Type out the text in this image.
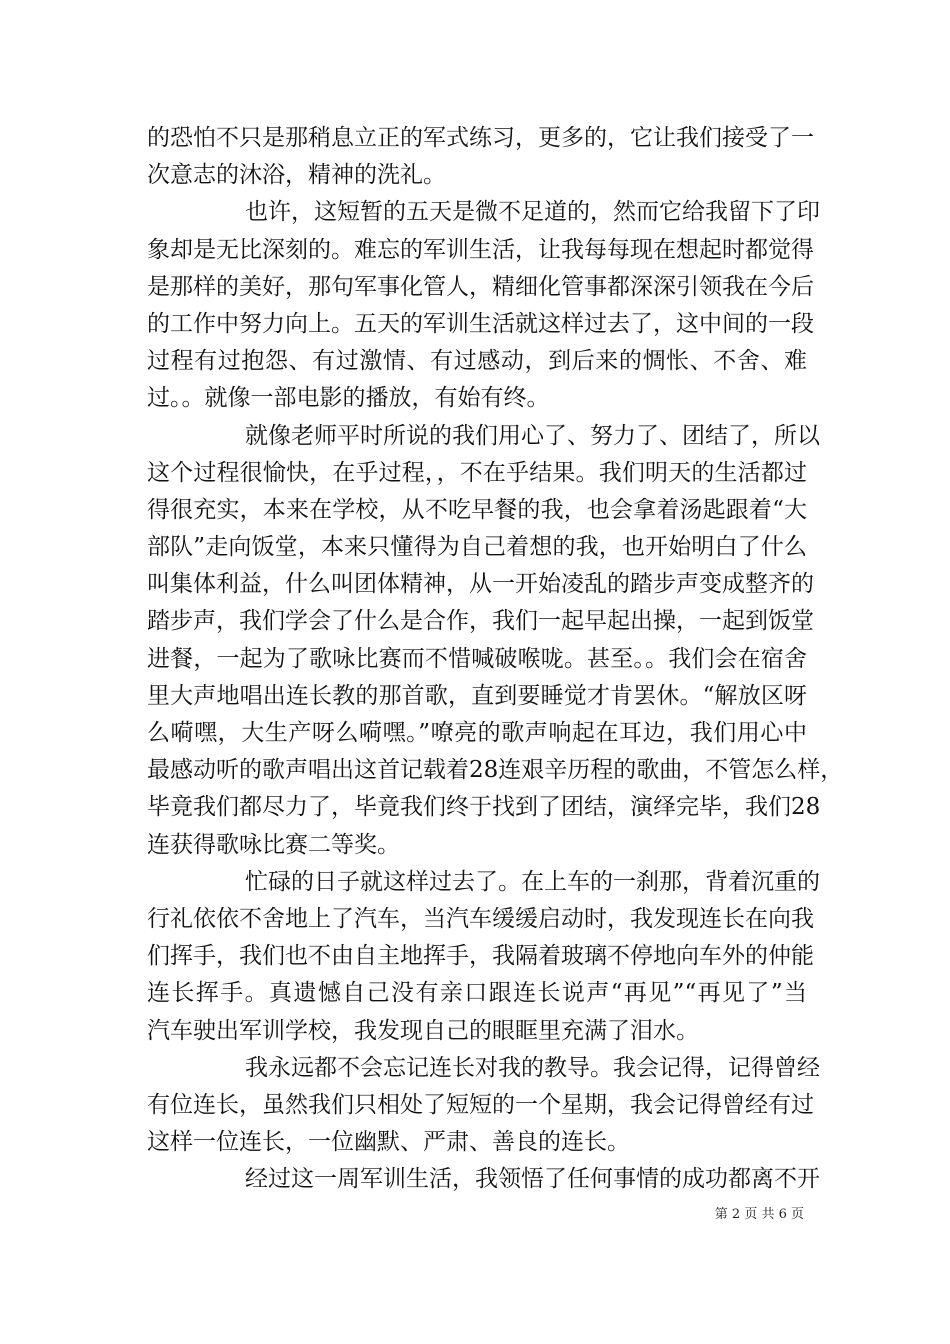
的恐怕不只是那稍息立正的军式练习，更多的，它让我们接受了一
次意志的沐浴，精神的洗礼。
也许，这短暂的五天是微不足道的，然而它给我留下了印
象却是无比深刻的。难忘的军训生活，让我每每现在想起时都觉得
是那样的美好，那句军事化管人，精细化管事都深深引领我在今后
的工作中努力向上。五天的军训生活就这样过去了，这中间的一段
过程有过抱怨、有过激情、有过感动，到后来的惆怅、不舍、难
过。。就像一部电影的播放，有始有终。
就像老师平时所说的我们用心了、努力了、团结了，所以
这个过程很愉快，在乎过程，，不在乎结果。我们明天的生活都过
得很充实，本来在学校，从不吃早餐的我，也会拿着汤匙跟着“大
部队”走向饭堂，本来只懂得为自己着想的我，也开始明白了什么
叫集体利益，什么叫团体精神，从一开始凌乱的踏步声变成整齐的
踏步声，我们学会了什么是合作，我们一起早起出操，一起到饭堂
进餐，一起为了歌咏比赛而不惜喊破喉咙。甚至。。我们会在宿舍
里大声地唱出连长教的那首歌，直到要睡觉才肯罢休。“解放区呀
么嗬嘿，大生产呀么嗬嘿。”嘹亮的歌声响起在耳边，我们用心中
最感动听的歌声唱出这首记载着28连艰辛历程的歌曲，不管怎么样，
毕竟我们都尽力了，毕竟我们终于找到了团结，演绎完毕，我们28
连获得歌咏比赛二等奖。
忙碌的日子就这样过去了。在上车的一刹那，背着沉重的
行礼依依不舍地上了汽车，当汽车缓缓启动时，我发现连长在向我
们挥手，我们也不由自主地挥手，我隔着玻璃不停地向车外的仲能
连长挥手。真遗憾自己没有亲口跟连长说声“再见”“再见了”当
汽车驶出军训学校，我发现自己的眼眶里充满了泪水。
我永远都不会忘记连长对我的教导。我会记得，记得曾经
有位连长，虽然我们只相处了短短的一个星期，我会记得曾经有过
这样一位连长，一位幽默、严肃、善良的连长。
经过这一周军训生活，我领悟了任何事情的成功都离不开
第 2 页 共 6 页
